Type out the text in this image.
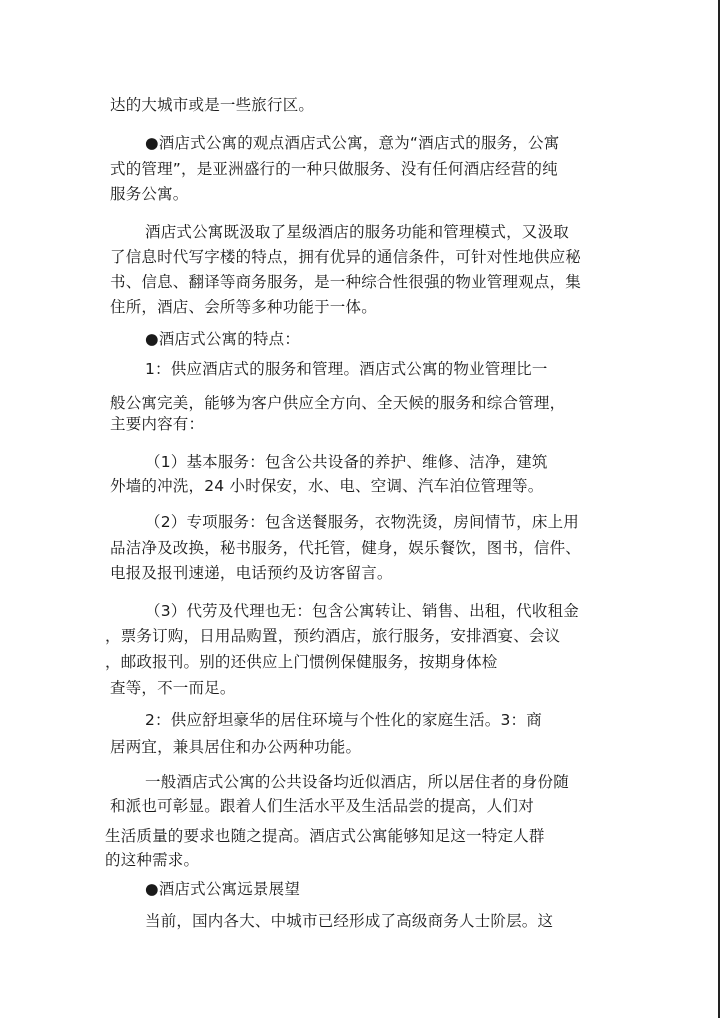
达的大城市或是一些旅行区。
●酒店式公寓的观点酒店式公寓，意为“酒店式的服务，公寓
式的管理”，是亚洲盛行的一种只做服务、没有任何酒店经营的纯
服务公寓。
酒店式公寓既汲取了星级酒店的服务功能和管理模式，又汲取
了信息时代写字楼的特点，拥有优异的通信条件，可针对性地供应秘
书、信息、翻译等商务服务，是一种综合性很强的物业管理观点，集
住所，酒店、会所等多种功能于一体。
●酒店式公寓的特点：
1：供应酒店式的服务和管理。酒店式公寓的物业管理比一
般公寓完美，能够为客户供应全方向、全天候的服务和综合管理，
主要内容有：
（1）基本服务：包含公共设备的养护、维修、洁净，建筑
外墙的冲洗，24 小时保安，水、电、空调、汽车泊位管理等。
（2）专项服务：包含送餐服务，衣物洗烫，房间情节，床上用
品洁净及改换，秘书服务，代托管，健身，娱乐餐饮，图书，信件、
电报及报刊速递，电话预约及访客留言。
（3）代劳及代理也无：包含公寓转让、销售、出租，代收租金
，票务订购，日用品购置，预约酒店，旅行服务，安排酒宴、会议
，邮政报刊。别的还供应上门惯例保健服务，按期身体检
查等，不一而足。
2：供应舒坦豪华的居住环境与个性化的家庭生活。3：商
居两宜，兼具居住和办公两种功能。
一般酒店式公寓的公共设备均近似酒店，所以居住者的身份随
和派也可彰显。跟着人们生活水平及生活品尝的提高，人们对
生活质量的要求也随之提高。酒店式公寓能够知足这一特定人群
的这种需求。
●酒店式公寓远景展望
当前，国内各大、中城市已经形成了高级商务人士阶层。这
